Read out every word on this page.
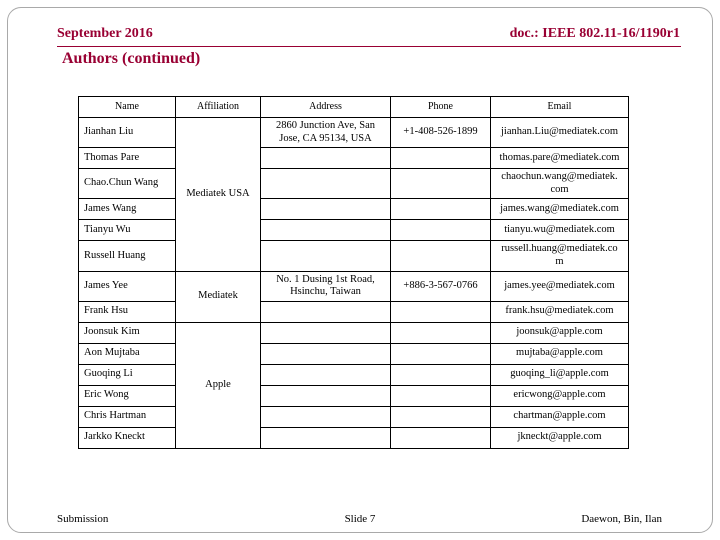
September 2016	doc.: IEEE 802.11-16/1190r1
Authors (continued)
Name	Affiliation	Address	Phone	Email
Jianhan Liu	Mediatek USA	2860 Junction Ave, San Jose, CA 95134, USA	+1-408-526-1899	jianhan.Liu@mediatek.com
Thomas Pare				thomas.pare@mediatek.com
Chao.Chun Wang				chaochun.wang@mediatek.com
James Wang				james.wang@mediatek.com
Tianyu Wu				tianyu.wu@mediatek.com
Russell Huang				russell.huang@mediatek.com
James Yee	Mediatek	No. 1 Dusing 1st Road, Hsinchu, Taiwan	+886-3-567-0766	james.yee@mediatek.com
Frank Hsu				frank.hsu@mediatek.com
Joonsuk Kim	Apple			joonsuk@apple.com
Aon Mujtaba				mujtaba@apple.com
Guoqing Li				guoqing_li@apple.com
Eric Wong				ericwong@apple.com
Chris Hartman				chartman@apple.com
Jarkko Kneckt				jkneckt@apple.com
Submission	Slide 7	Daewon, Bin, Ilan
